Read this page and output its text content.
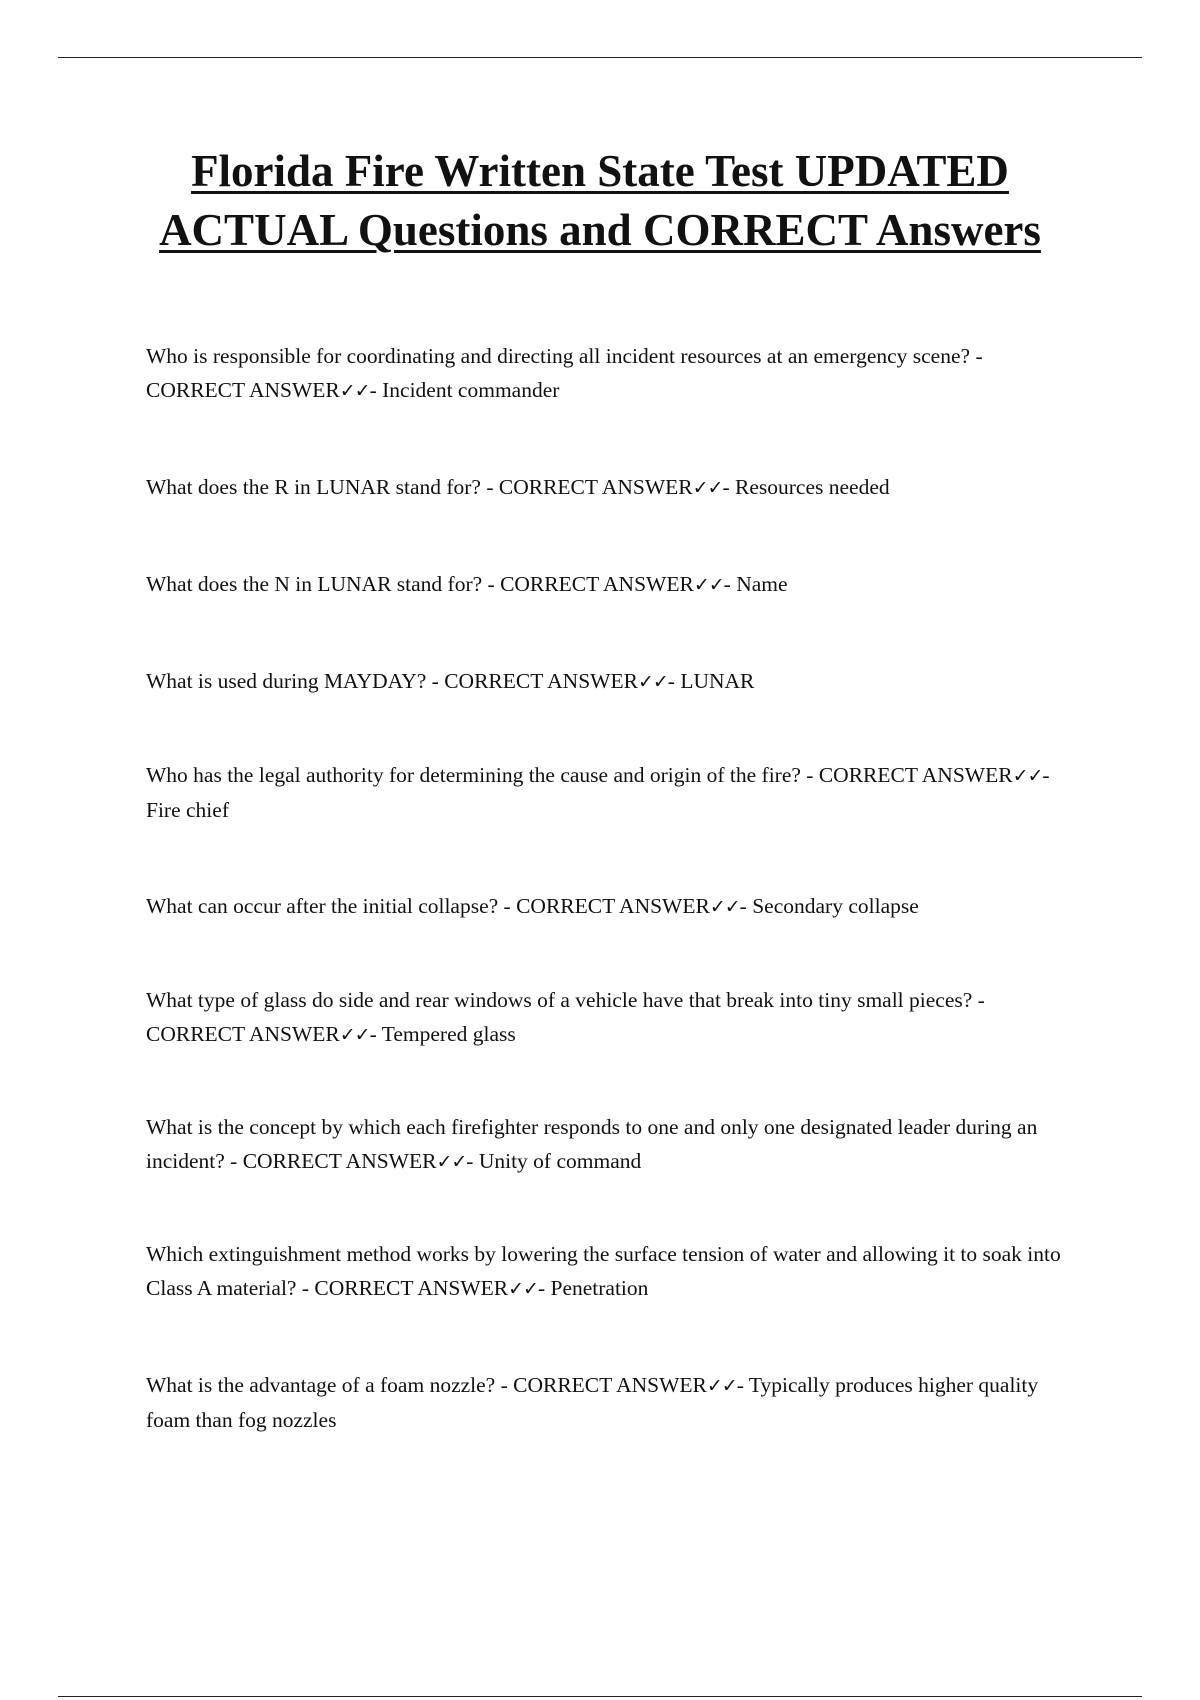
Florida Fire Written State Test UPDATED ACTUAL Questions and CORRECT Answers

Who is responsible for coordinating and directing all incident resources at an emergency scene? - CORRECT ANSWER✓✓- Incident commander

What does the R in LUNAR stand for? - CORRECT ANSWER✓✓- Resources needed

What does the N in LUNAR stand for? - CORRECT ANSWER✓✓- Name

What is used during MAYDAY? - CORRECT ANSWER✓✓- LUNAR

Who has the legal authority for determining the cause and origin of the fire? - CORRECT ANSWER✓✓- Fire chief

What can occur after the initial collapse? - CORRECT ANSWER✓✓- Secondary collapse

What type of glass do side and rear windows of a vehicle have that break into tiny small pieces? - CORRECT ANSWER✓✓- Tempered glass

What is the concept by which each firefighter responds to one and only one designated leader during an incident? - CORRECT ANSWER✓✓- Unity of command

Which extinguishment method works by lowering the surface tension of water and allowing it to soak into Class A material? - CORRECT ANSWER✓✓- Penetration

What is the advantage of a foam nozzle? - CORRECT ANSWER✓✓- Typically produces higher quality foam than fog nozzles
